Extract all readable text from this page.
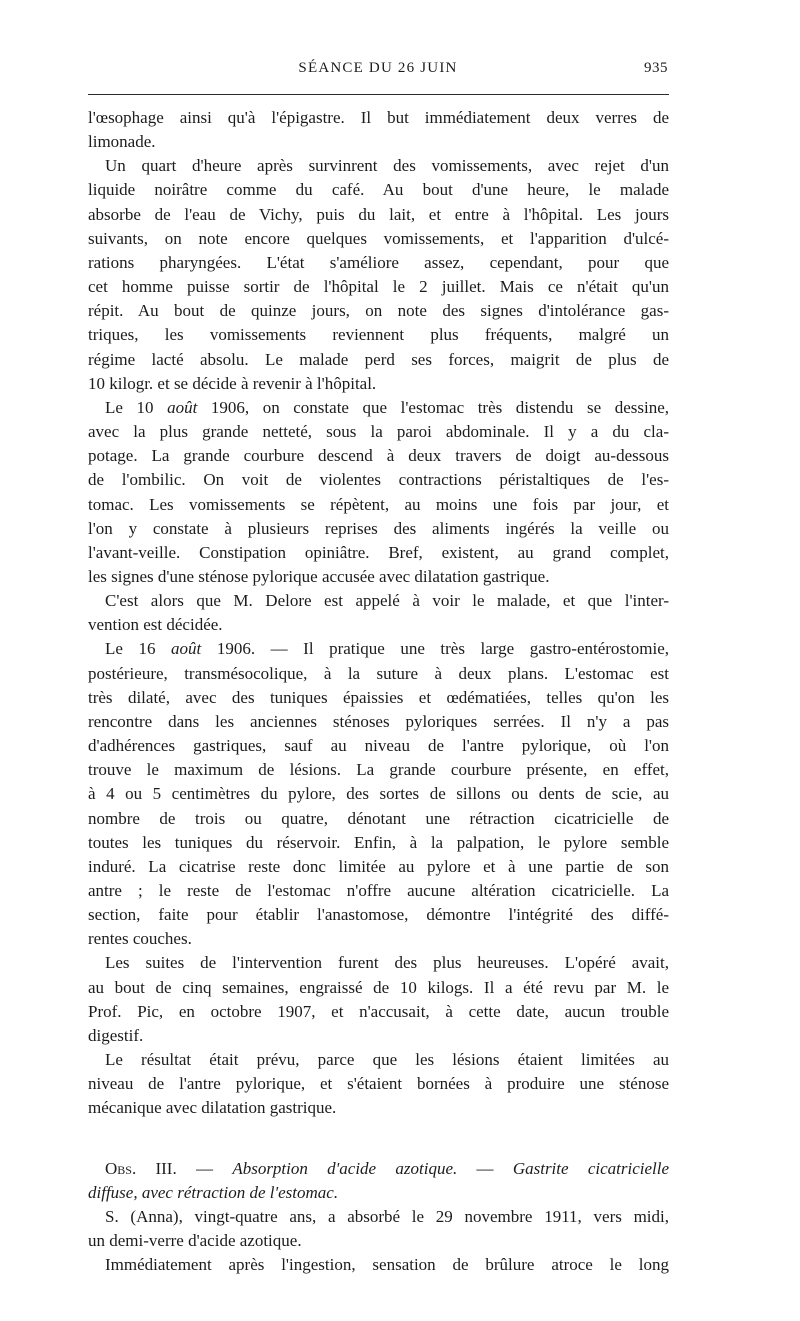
SÉANCE DU 26 JUIN	935

l'œsophage ainsi qu'à l'épigastre. Il but immédiatement deux verres de

limonade.

Un quart d'heure après survinrent des vomissements, avec rejet d'un

liquide noirâtre comme du café. Au bout d'une heure, le malade

absorbe de l'eau de Vichy, puis du lait, et entre à l'hôpital. Les jours

suivants, on note encore quelques vomissements, et l'apparition d'ulcé-

rations pharyngées. L'état s'améliore assez, cependant, pour que

cet homme puisse sortir de l'hôpital le 2 juillet. Mais ce n'était qu'un

répit. Au bout de quinze jours, on note des signes d'intolérance gas-

triques, les vomissements reviennent plus fréquents, malgré un

régime lacté absolu. Le malade perd ses forces, maigrit de plus de

10 kilogr. et se décide à revenir à l'hôpital.

Le 10 août 1906, on constate que l'estomac très distendu se dessine,

avec la plus grande netteté, sous la paroi abdominale. Il y a du cla-

potage. La grande courbure descend à deux travers de doigt au-dessous

de l'ombilic. On voit de violentes contractions péristaltiques de l'es-

tomac. Les vomissements se répètent, au moins une fois par jour, et

l'on y constate à plusieurs reprises des aliments ingérés la veille ou

l'avant-veille. Constipation opiniâtre. Bref, existent, au grand complet,

les signes d'une sténose pylorique accusée avec dilatation gastrique.

C'est alors que M. Delore est appelé à voir le malade, et que l'inter-

vention est décidée.

Le 16 août 1906. — Il pratique une très large gastro-entérostomie,

postérieure, transmésocolique, à la suture à deux plans. L'estomac est

très dilaté, avec des tuniques épaissies et œdématiées, telles qu'on les

rencontre dans les anciennes sténoses pyloriques serrées. Il n'y a pas

d'adhérences gastriques, sauf au niveau de l'antre pylorique, où l'on

trouve le maximum de lésions. La grande courbure présente, en effet,

à 4 ou 5 centimètres du pylore, des sortes de sillons ou dents de scie, au

nombre de trois ou quatre, dénotant une rétraction cicatricielle de

toutes les tuniques du réservoir. Enfin, à la palpation, le pylore semble

induré. La cicatrise reste donc limitée au pylore et à une partie de son

antre ; le reste de l'estomac n'offre aucune altération cicatricielle. La

section, faite pour établir l'anastomose, démontre l'intégrité des diffé-

rentes couches.

Les suites de l'intervention furent des plus heureuses. L'opéré avait,

au bout de cinq semaines, engraissé de 10 kilogs. Il a été revu par M. le

Prof. Pic, en octobre 1907, et n'accusait, à cette date, aucun trouble

digestif.

Le résultat était prévu, parce que les lésions étaient limitées au

niveau de l'antre pylorique, et s'étaient bornées à produire une sténose

mécanique avec dilatation gastrique.

Obs. III. — Absorption d'acide azotique. — Gastrite cicatricielle

diffuse, avec rétraction de l'estomac.

S. (Anna), vingt-quatre ans, a absorbé le 29 novembre 1911, vers midi,

un demi-verre d'acide azotique.

Immédiatement après l'ingestion, sensation de brûlure atroce le long
